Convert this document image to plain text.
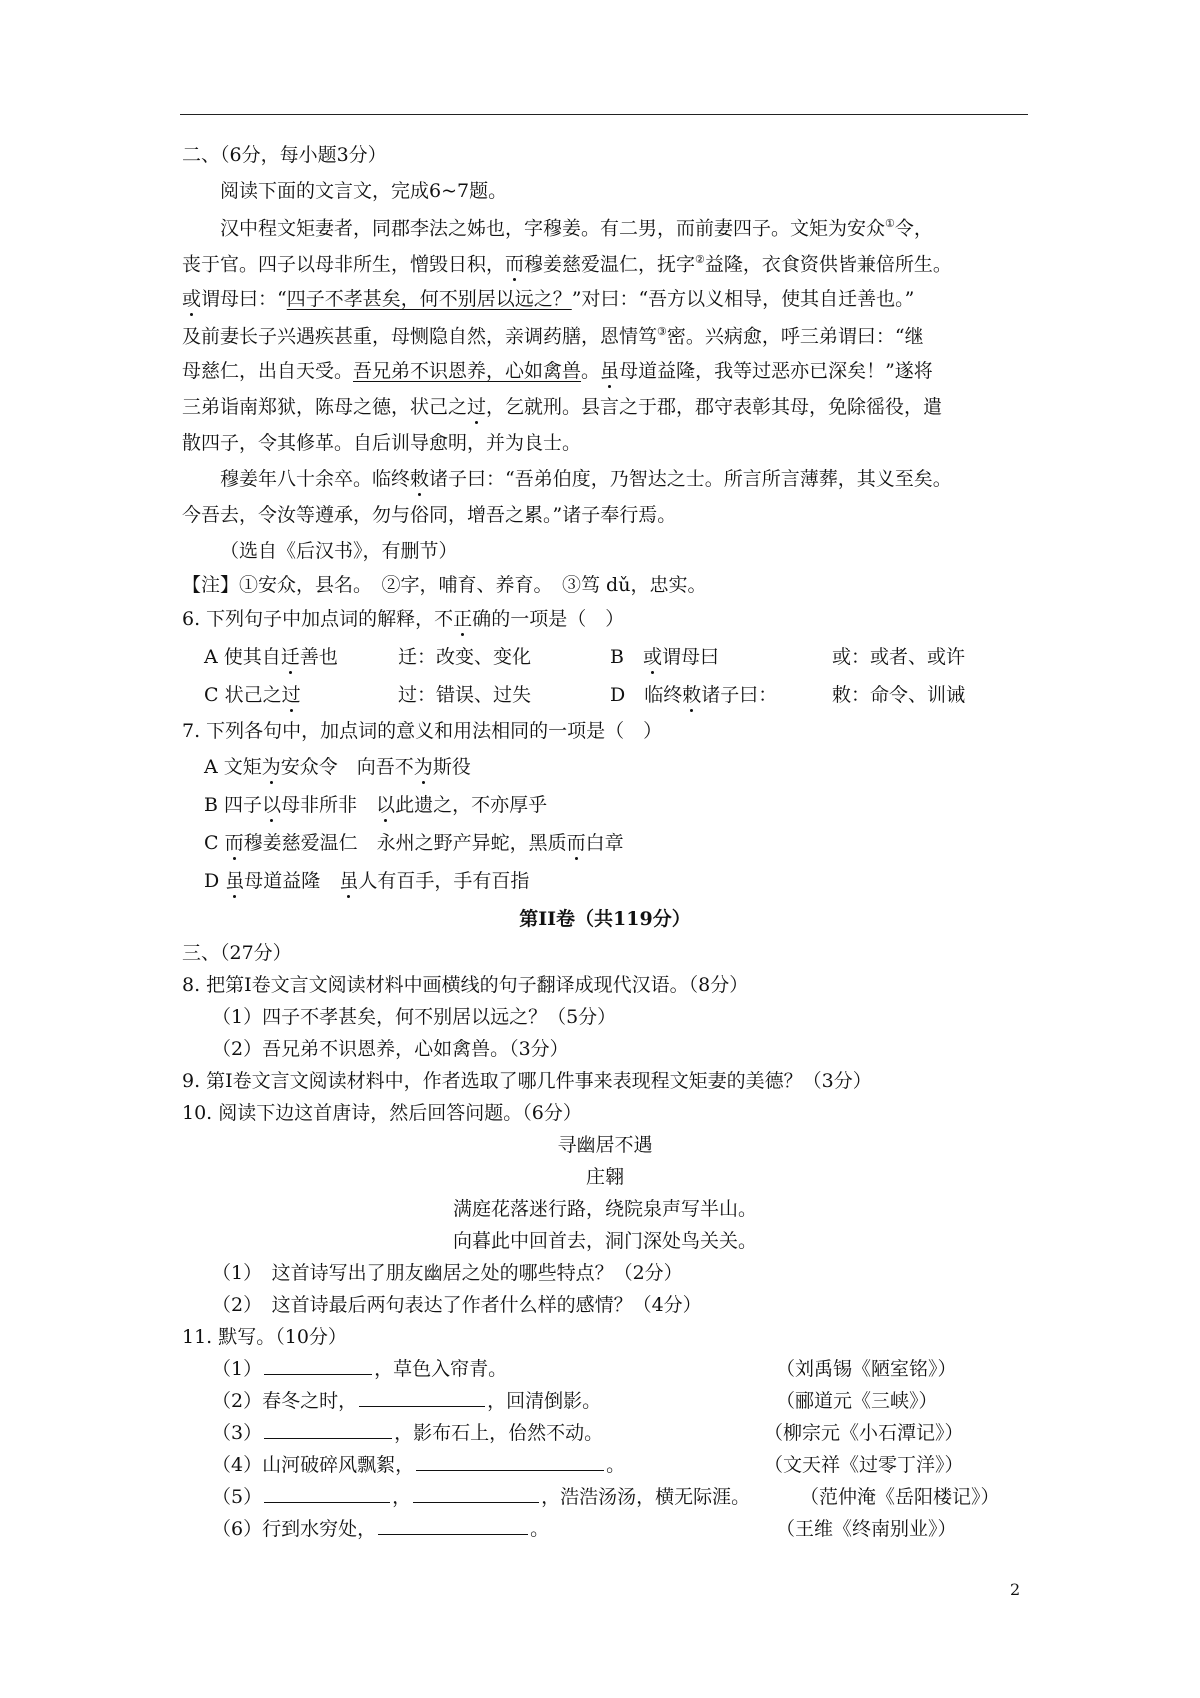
二、（6分，每小题3分）
阅读下面的文言文，完成6~7题。
汉中程文矩妻者，同郡李法之姊也，字穆姜。有二男，而前妻四子。文矩为安众①令，
丧于官。四子以母非所生，憎毁日积，而穆姜慈爱温仁，抚字②益隆，衣食资供皆兼倍所生。
或谓母曰：“四子不孝甚矣，何不别居以远之？”对曰：“吾方以义相导，使其自迁善也。”
及前妻长子兴遇疾甚重，母恻隐自然，亲调药膳，恩情笃③密。兴病愈，呼三弟谓曰：“继
母慈仁，出自天受。吾兄弟不识恩养，心如禽兽。虽母道益隆，我等过恶亦已深矣！”遂将
三弟诣南郑狱，陈母之德，状己之过，乞就刑。县言之于郡，郡守表彰其母，免除徭役，遣
散四子，令其修革。自后训导愈明，并为良士。
穆姜年八十余卒。临终敕诸子曰：“吾弟伯度，乃智达之士。所言所言薄葬，其义至矣。
今吾去，令汝等遵承，勿与俗同，增吾之累。”诸子奉行焉。
（选自《后汉书》，有删节）
【注】①安众，县名。　②字，哺育、养育。　③笃 dǔ，忠实。
6. 下列句子中加点词的解释，不正确的一项是（　）
A 使其自迁善也	迁：改变、变化	B　 或谓母曰	或：或者、或许
C 状己之过	过：错误、过失	D　 临终敕诸子曰：	敕：命令、训诫
7. 下列各句中，加点词的意义和用法相同的一项是（　）
A 文矩为安众令　向吾不为斯役
B 四子以母非所非　以此遗之，不亦厚乎
C 而穆姜慈爱温仁　永州之野产异蛇，黑质而白章
D 虽母道益隆　虽人有百手，手有百指
第II卷（共119分）
三、（27分）
8. 把第I卷文言文阅读材料中画横线的句子翻译成现代汉语。（8分）
（1）四子不孝甚矣，何不别居以远之？（5分）
（2）吾兄弟不识恩养，心如禽兽。（3分）
9. 第I卷文言文阅读材料中，作者选取了哪几件事来表现程文矩妻的美德？（3分）
10. 阅读下边这首唐诗，然后回答问题。（6分）
寻幽居不遇
庄翱
满庭花落迷行路，绕院泉声写半山。
向暮此中回首去，洞门深处鸟关关。
（1）　这首诗写出了朋友幽居之处的哪些特点？（2分）
（2）　这首诗最后两句表达了作者什么样的感情？（4分）
11. 默写。（10分）
（1）	，草色入帘青。	（刘禹锡《陋室铭》）
（2）春冬之时，	，回清倒影。	（郦道元《三峡》）
（3）	，影布石上，佁然不动。	（柳宗元《小石潭记》）
（4）山河破碎风飘絮，	。	（文天祥《过零丁洋》）
（5）	，	，浩浩汤汤，横无际涯。	（范仲淹《岳阳楼记》）
（6）行到水穷处，	。	（王维《终南别业》）
2
